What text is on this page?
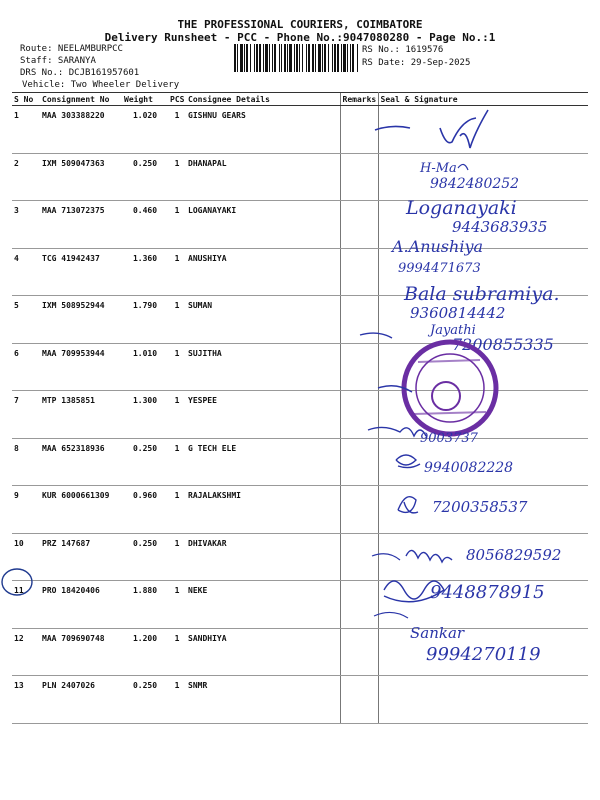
THE PROFESSIONAL COURIERS, COIMBATORE
Delivery Runsheet - PCC - Phone No.:9047080280 - Page No.:1
Route: NEELAMBURPCC
Staff: SARANYA
DRS No.: DCJB161957601
Vehicle: Two Wheeler Delivery
RS No.: 1619576
RS Date: 29-Sep-2025
S No	Consignment No	Weight	PCS	Consignee Details	Remarks	Seal & Signature
1	MAA 303388220	1.020	1	GISHNU GEARS		
2	IXM 509047363	0.250	1	DHANAPAL		
3	MAA 713072375	0.460	1	LOGANAYAKI		
4	TCG 41942437	1.360	1	ANUSHIYA		
5	IXM 508952944	1.790	1	SUMAN		
6	MAA 709953944	1.010	1	SUJITHA		
7	MTP 1385851	1.300	1	YESPEE		
8	MAA 652318936	0.250	1	G TECH ELE		
9	KUR 6000661309	0.960	1	RAJALAKSHMI		
10	PRZ 147687	0.250	1	DHIVAKAR		
11	PRO 18420406	1.880	1	NEKE		
12	MAA 709690748	1.200	1	SANDHIYA		
13	PLN 2407026	0.250	1	SNMR		
H-Ma
9842480252
Loganayaki
9443683935
A.Anushiya
9994471673
Bala subramiya.
9360814442
Jayathi
7200855335
9003737
9940082228
7200358537
8056829592
9448878915
Sankar
9994270119
